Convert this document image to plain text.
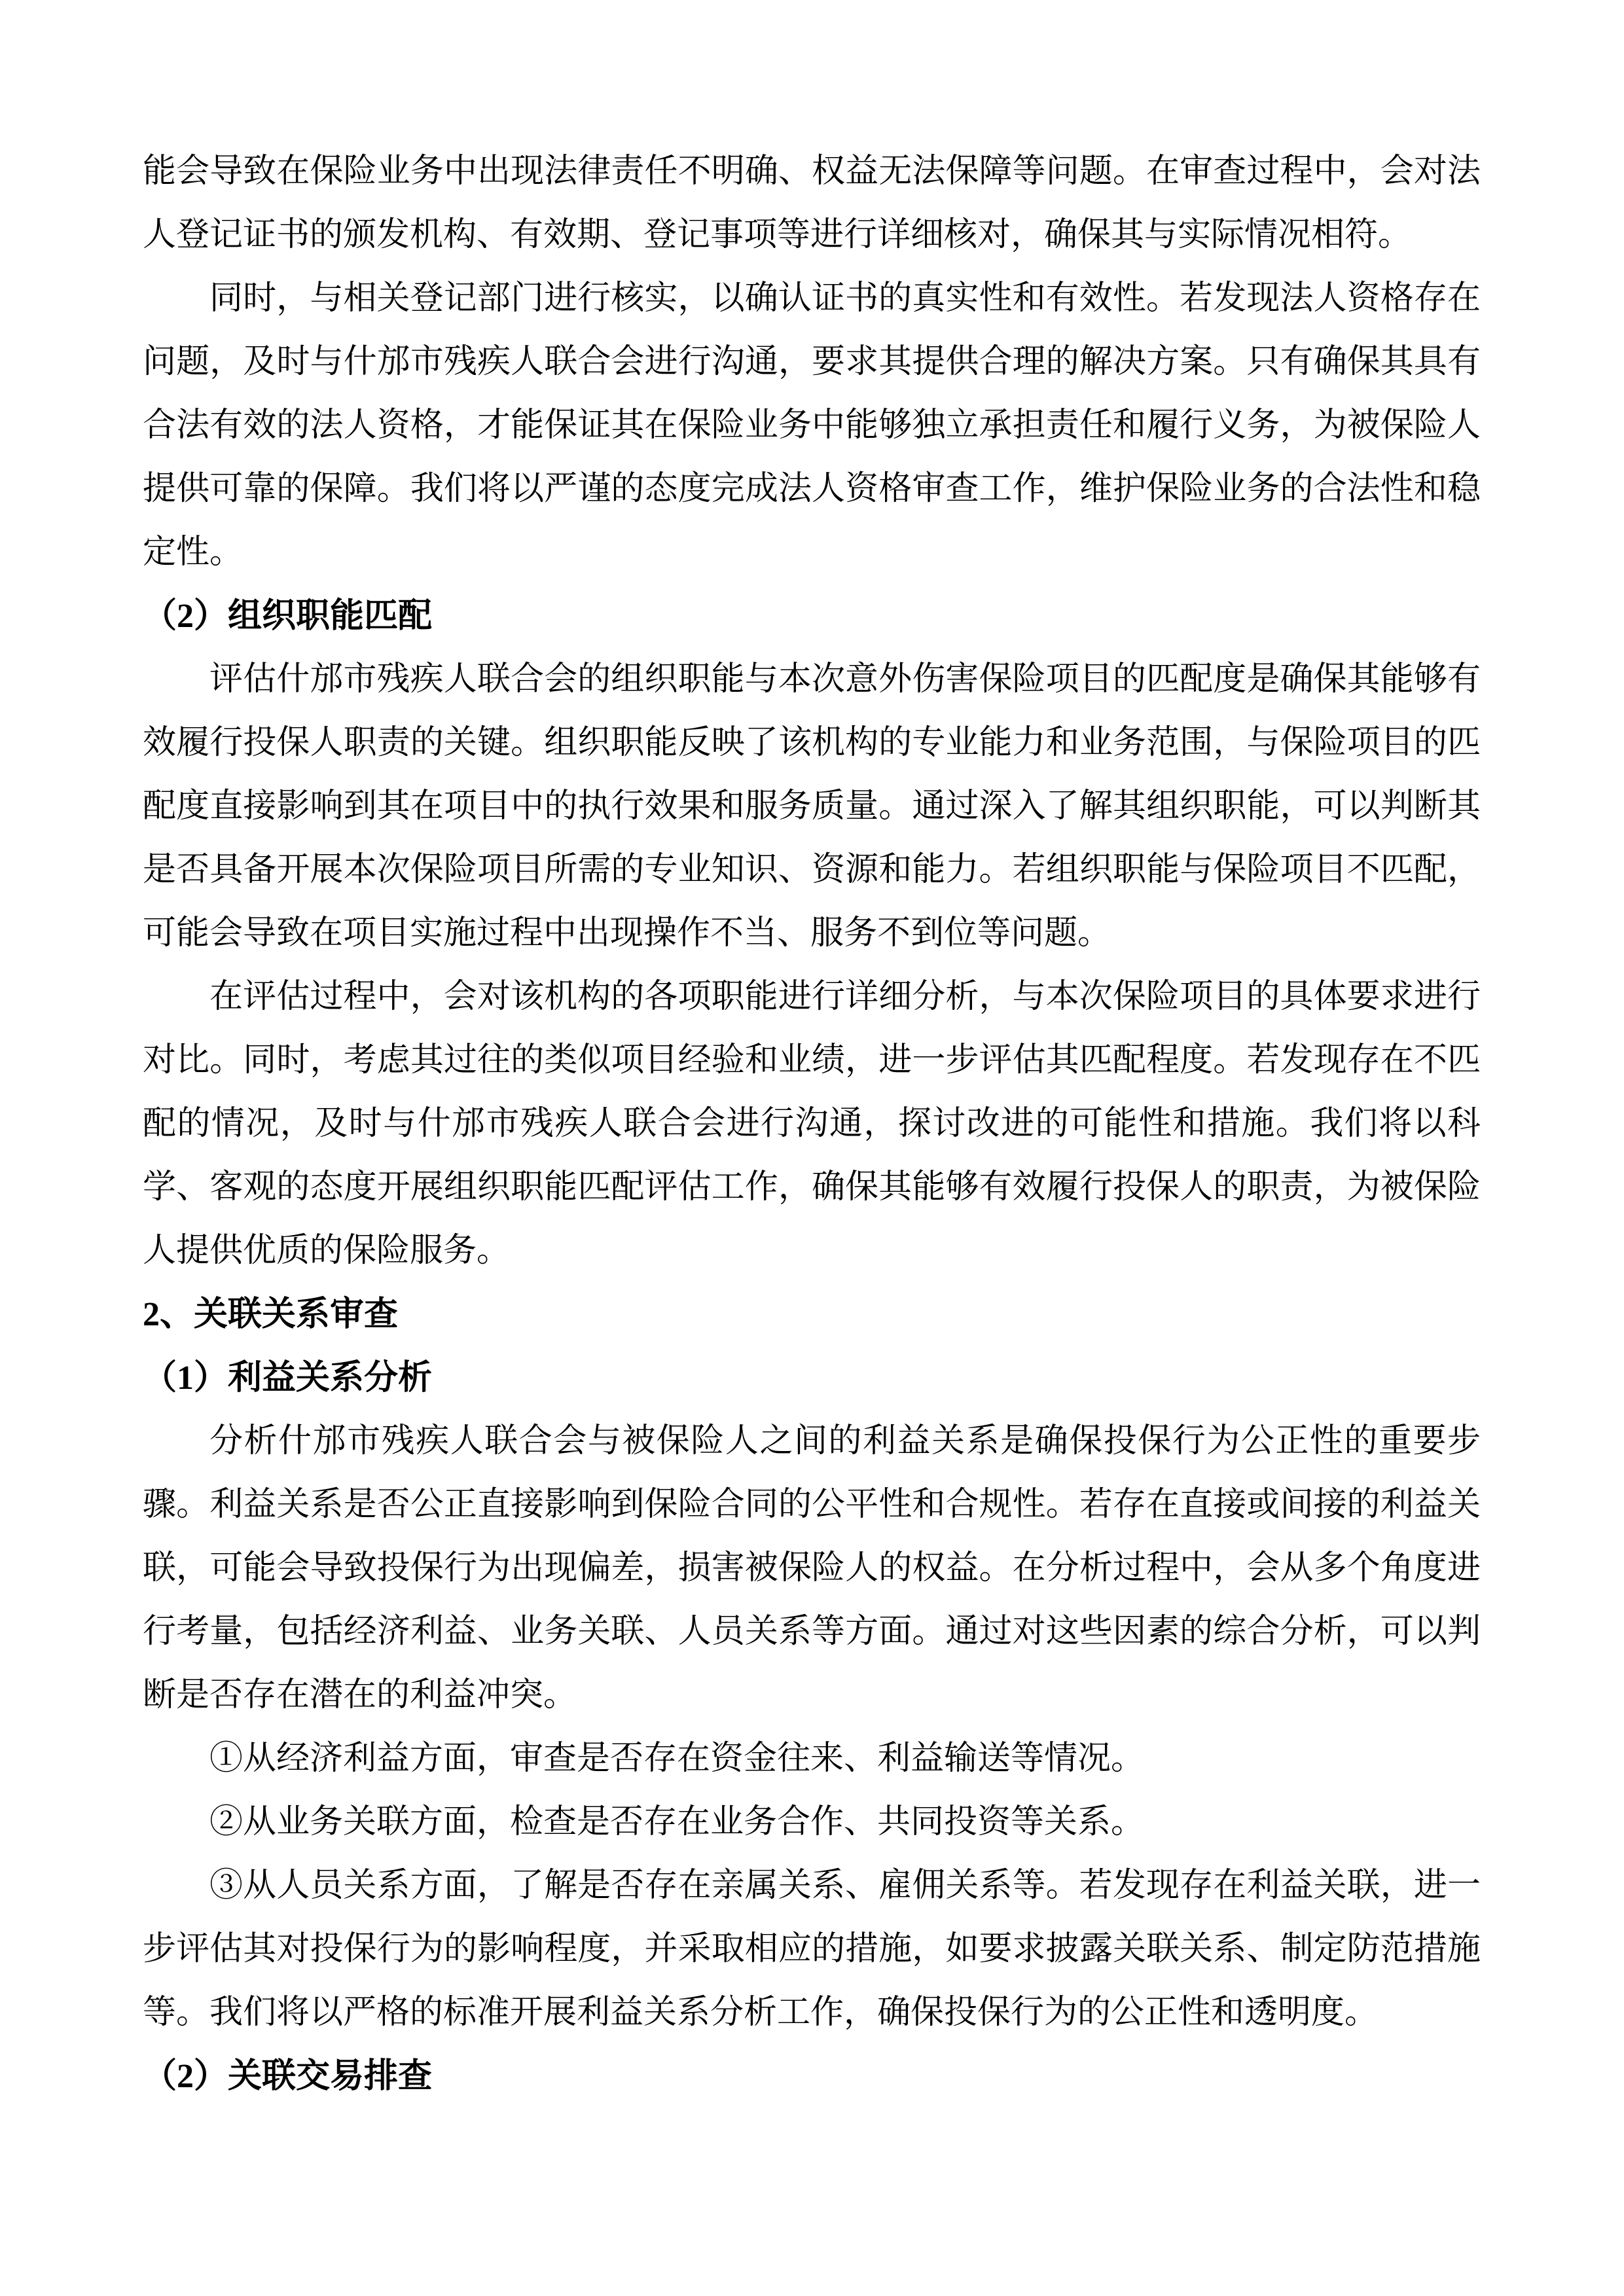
能会导致在保险业务中出现法律责任不明确、权益无法保障等问题。在审查过程中，会对法人登记证书的颁发机构、有效期、登记事项等进行详细核对，确保其与实际情况相符。

同时，与相关登记部门进行核实，以确认证书的真实性和有效性。若发现法人资格存在问题，及时与什邡市残疾人联合会进行沟通，要求其提供合理的解决方案。只有确保其具有合法有效的法人资格，才能保证其在保险业务中能够独立承担责任和履行义务，为被保险人提供可靠的保障。我们将以严谨的态度完成法人资格审查工作，维护保险业务的合法性和稳定性。

（2）组织职能匹配

评估什邡市残疾人联合会的组织职能与本次意外伤害保险项目的匹配度是确保其能够有效履行投保人职责的关键。组织职能反映了该机构的专业能力和业务范围，与保险项目的匹配度直接影响到其在项目中的执行效果和服务质量。通过深入了解其组织职能，可以判断其是否具备开展本次保险项目所需的专业知识、资源和能力。若组织职能与保险项目不匹配，可能会导致在项目实施过程中出现操作不当、服务不到位等问题。

在评估过程中，会对该机构的各项职能进行详细分析，与本次保险项目的具体要求进行对比。同时，考虑其过往的类似项目经验和业绩，进一步评估其匹配程度。若发现存在不匹配的情况，及时与什邡市残疾人联合会进行沟通，探讨改进的可能性和措施。我们将以科学、客观的态度开展组织职能匹配评估工作，确保其能够有效履行投保人的职责，为被保险人提供优质的保险服务。

2、关联关系审查
（1）利益关系分析

分析什邡市残疾人联合会与被保险人之间的利益关系是确保投保行为公正性的重要步骤。利益关系是否公正直接影响到保险合同的公平性和合规性。若存在直接或间接的利益关联，可能会导致投保行为出现偏差，损害被保险人的权益。在分析过程中，会从多个角度进行考量，包括经济利益、业务关联、人员关系等方面。通过对这些因素的综合分析，可以判断是否存在潜在的利益冲突。

①从经济利益方面，审查是否存在资金往来、利益输送等情况。

②从业务关联方面，检查是否存在业务合作、共同投资等关系。

③从人员关系方面，了解是否存在亲属关系、雇佣关系等。若发现存在利益关联，进一步评估其对投保行为的影响程度，并采取相应的措施，如要求披露关联关系、制定防范措施等。我们将以严格的标准开展利益关系分析工作，确保投保行为的公正性和透明度。

（2）关联交易排查
